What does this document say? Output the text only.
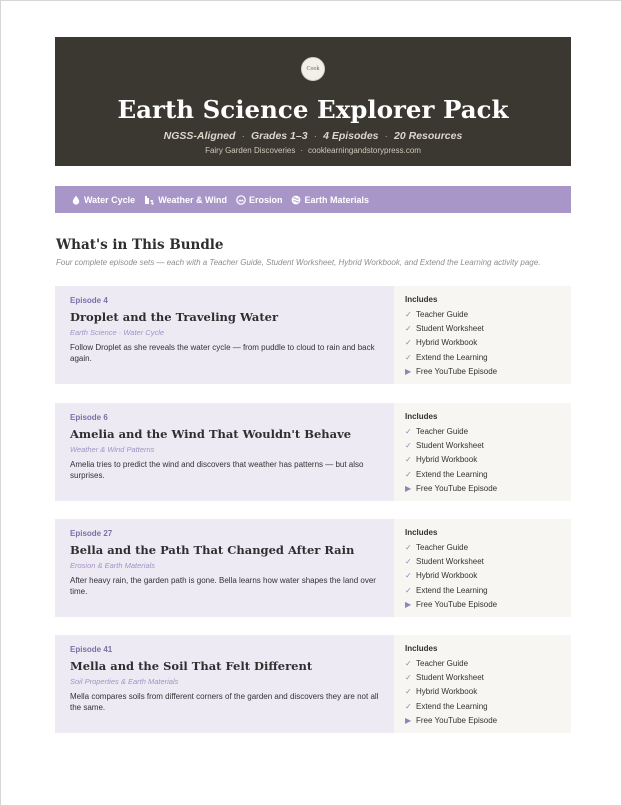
Cook
Earth Science Explorer Pack
NGSS-Aligned · Grades 1–3 · 4 Episodes · 20 Resources
Fairy Garden Discoveries · cooklearningandstorypress.com
Water Cycle	Weather & Wind Erosion Earth Materials
What's in This Bundle
Four complete episode sets — each with a Teacher Guide, Student Worksheet, Hybrid Workbook, and Extend the Learning activity page.
Episode 4
Droplet and the Traveling Water
Earth Science · Water Cycle
Follow Droplet as she reveals the water cycle — from puddle to cloud to rain and back again.
Includes
✓ Teacher Guide
✓ Student Worksheet
✓ Hybrid Workbook
✓ Extend the Learning
▶ Free YouTube Episode
Episode 6
Amelia and the Wind That Wouldn't Behave
Weather & Wind Patterns
Amelia tries to predict the wind and discovers that weather has patterns — but also surprises.
Includes
✓ Teacher Guide
✓ Student Worksheet
✓ Hybrid Workbook
✓ Extend the Learning
▶ Free YouTube Episode
Episode 27
Bella and the Path That Changed After Rain
Erosion & Earth Materials
After heavy rain, the garden path is gone. Bella learns how water shapes the land over time.
Includes
✓ Teacher Guide
✓ Student Worksheet
✓ Hybrid Workbook
✓ Extend the Learning
▶ Free YouTube Episode
Episode 41
Mella and the Soil That Felt Different
Soil Properties & Earth Materials
Mella compares soils from different corners of the garden and discovers they are not all the same.
Includes
✓ Teacher Guide
✓ Student Worksheet
✓ Hybrid Workbook
✓ Extend the Learning
▶ Free YouTube Episode
